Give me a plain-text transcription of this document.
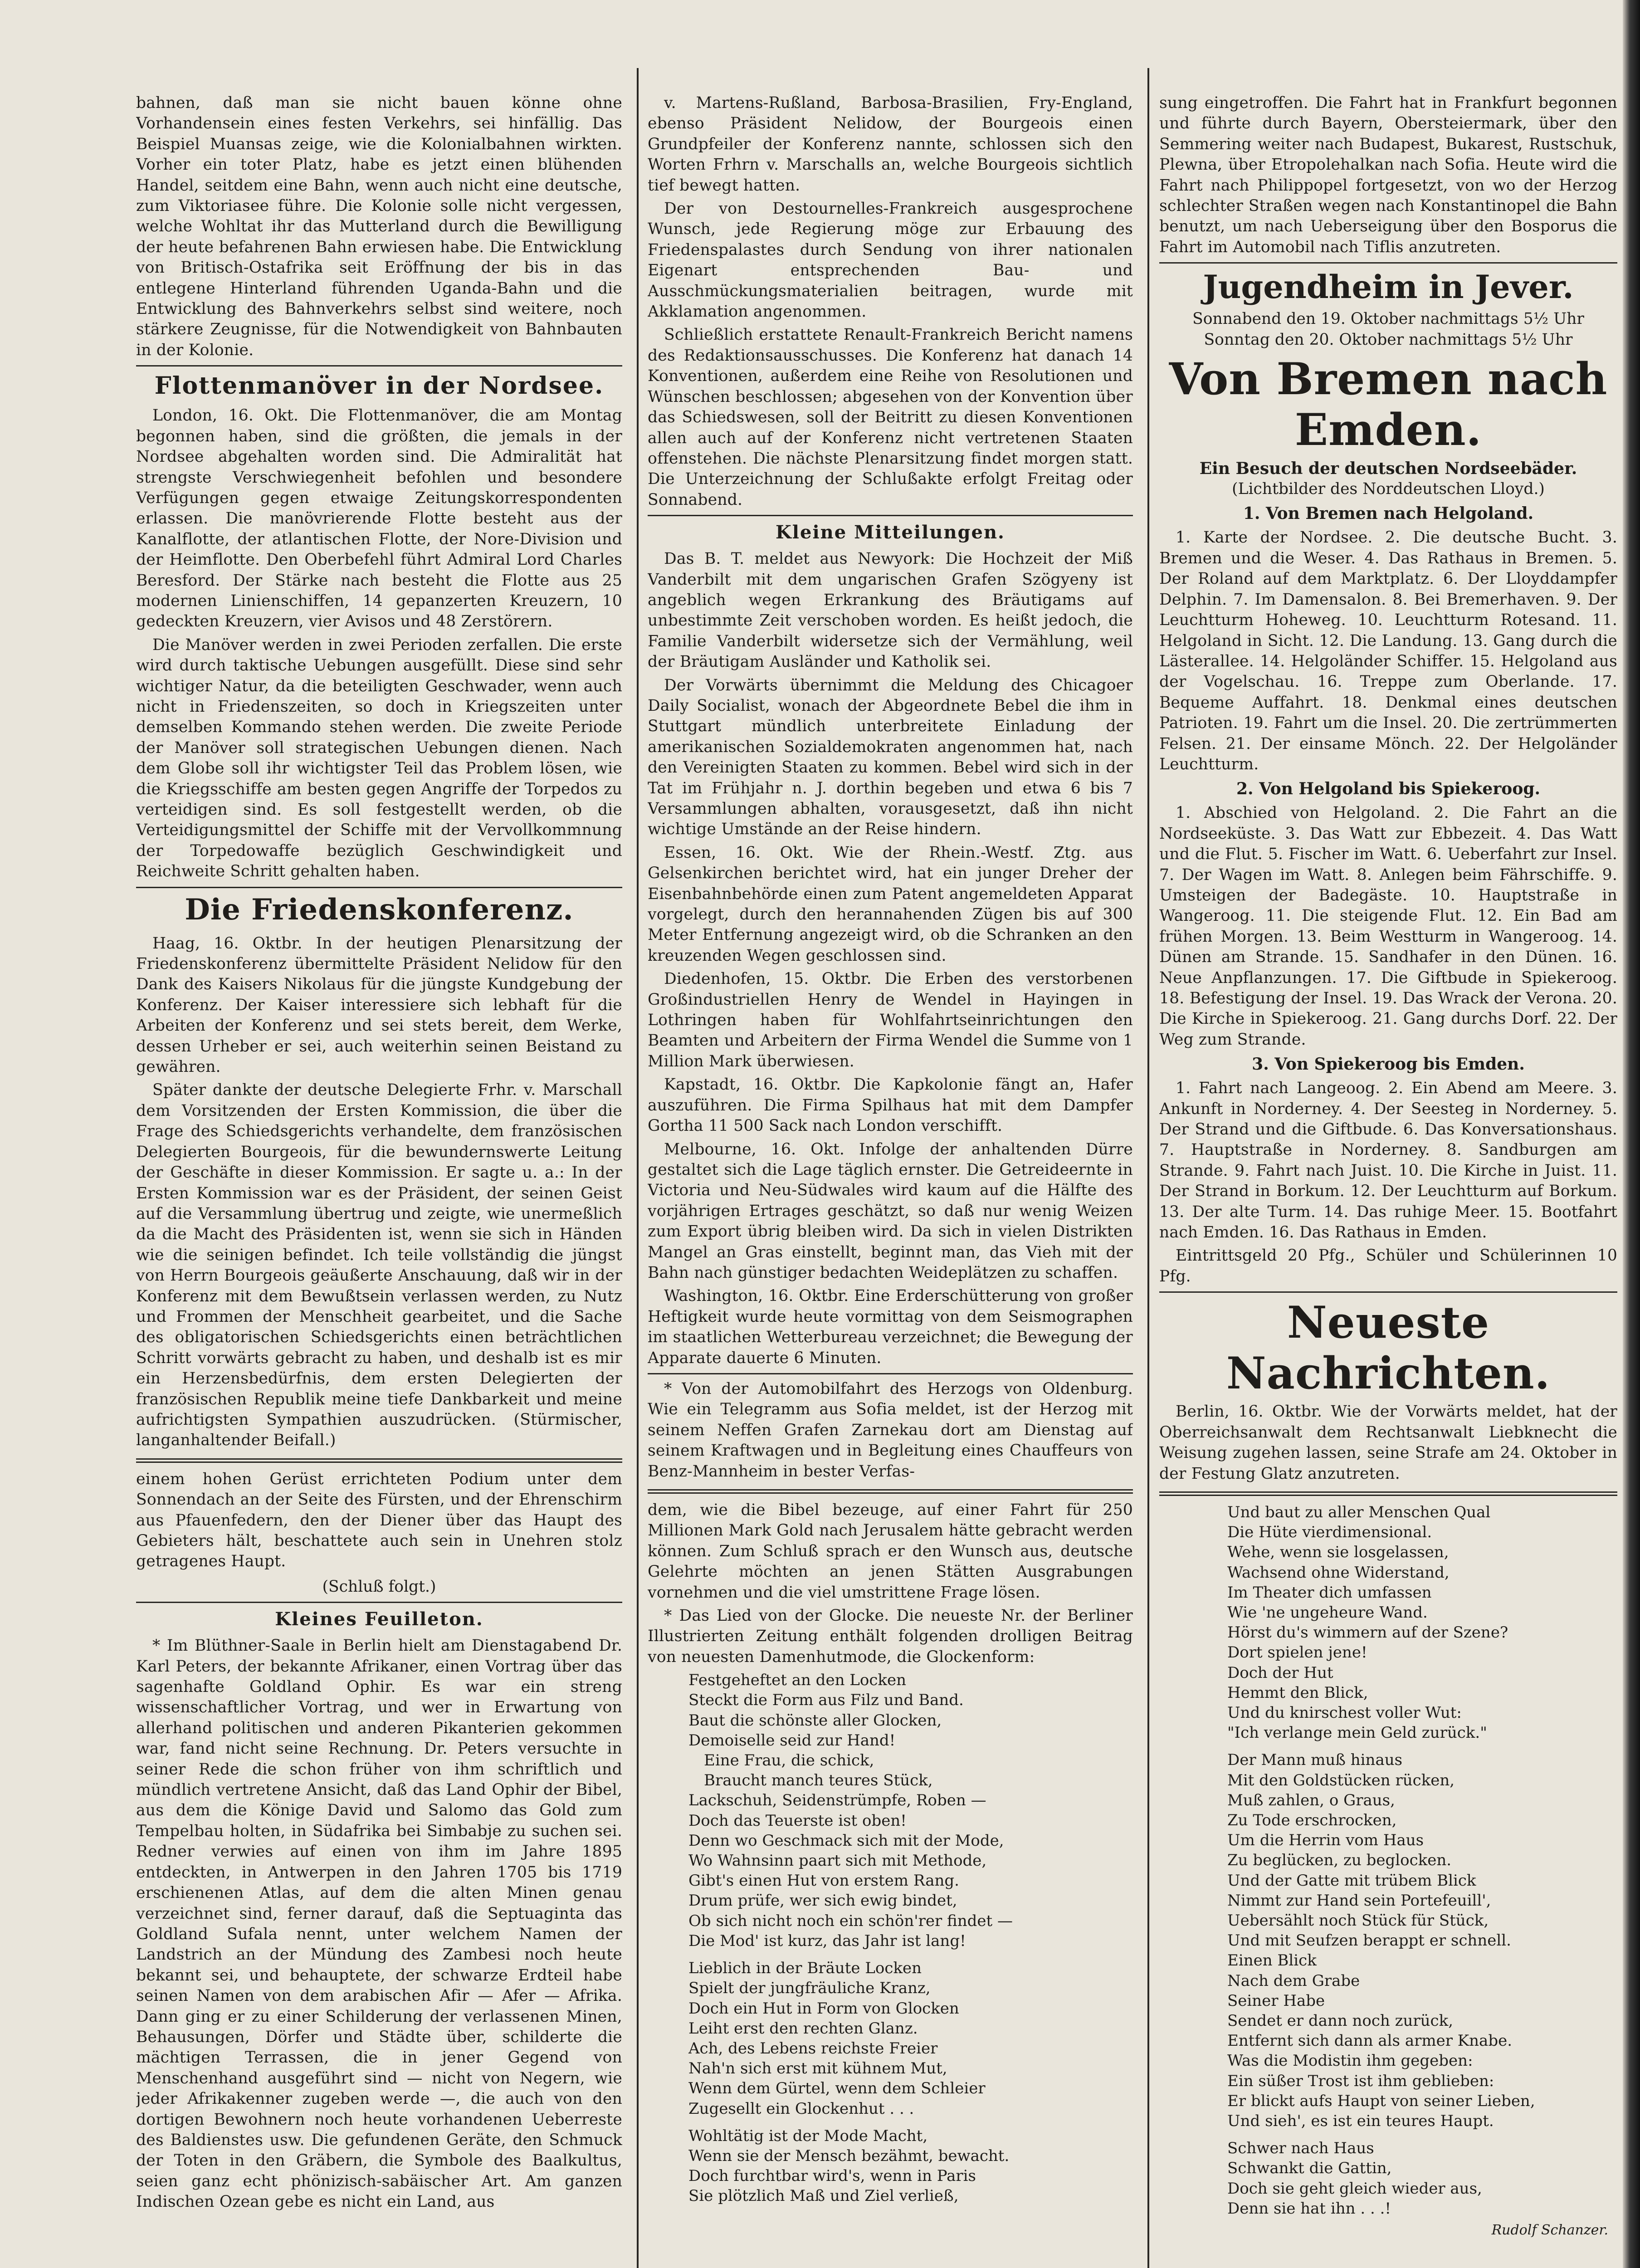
bahnen, daß man sie nicht bauen könne ohne Vorhandensein eines festen Verkehrs, sei hinfällig. Das Beispiel Muansas zeige, wie die Kolonialbahnen wirkten. Vorher ein toter Platz, habe es jetzt einen blühenden Handel, seitdem eine Bahn, wenn auch nicht eine deutsche, zum Viktoriasee führe. Die Kolonie solle nicht vergessen, welche Wohltat ihr das Mutterland durch die Bewilligung der heute befahrenen Bahn erwiesen habe. Die Entwicklung von Britisch-Ostafrika seit Eröffnung der bis in das entlegene Hinterland führenden Uganda-Bahn und die Entwicklung des Bahnverkehrs selbst sind weitere, noch stärkere Zeugnisse, für die Notwendigkeit von Bahnbauten in der Kolonie.

Flottenmanöver in der Nordsee.

London, 16. Okt. Die Flottenmanöver, die am Montag begonnen haben, sind die größten, die jemals in der Nordsee abgehalten worden sind. Die Admiralität hat strengste Verschwiegenheit befohlen und besondere Verfügungen gegen etwaige Zeitungskorrespondenten erlassen. Die manövrierende Flotte besteht aus der Kanalflotte, der atlantischen Flotte, der Nore-Division und der Heimflotte. Den Oberbefehl führt Admiral Lord Charles Beresford. Der Stärke nach besteht die Flotte aus 25 modernen Linienschiffen, 14 gepanzerten Kreuzern, 10 gedeckten Kreuzern, vier Avisos und 48 Zerstörern.

Die Manöver werden in zwei Perioden zerfallen. Die erste wird durch taktische Uebungen ausgefüllt. Diese sind sehr wichtiger Natur, da die beteiligten Geschwader, wenn auch nicht in Friedenszeiten, so doch in Kriegszeiten unter demselben Kommando stehen werden. Die zweite Periode der Manöver soll strategischen Uebungen dienen. Nach dem Globe soll ihr wichtigster Teil das Problem lösen, wie die Kriegsschiffe am besten gegen Angriffe der Torpedos zu verteidigen sind. Es soll festgestellt werden, ob die Verteidigungsmittel der Schiffe mit der Vervollkommnung der Torpedowaffe bezüglich Geschwindigkeit und Reichweite Schritt gehalten haben.

Die Friedenskonferenz.

Haag, 16. Oktbr. In der heutigen Plenarsitzung der Friedenskonferenz übermittelte Präsident Nelidow für den Dank des Kaisers Nikolaus für die jüngste Kundgebung der Konferenz. Der Kaiser interessiere sich lebhaft für die Arbeiten der Konferenz und sei stets bereit, dem Werke, dessen Urheber er sei, auch weiterhin seinen Beistand zu gewähren.

Später dankte der deutsche Delegierte Frhr. v. Marschall dem Vorsitzenden der Ersten Kommission, die über die Frage des Schiedsgerichts verhandelte, dem französischen Delegierten Bourgeois, für die bewundernswerte Leitung der Geschäfte in dieser Kommission. Er sagte u. a.: In der Ersten Kommission war es der Präsident, der seinen Geist auf die Versammlung übertrug und zeigte, wie unermeßlich da die Macht des Präsidenten ist, wenn sie sich in Händen wie die seinigen befindet. Ich teile vollständig die jüngst von Herrn Bourgeois geäußerte Anschauung, daß wir in der Konferenz mit dem Bewußtsein verlassen werden, zu Nutz und Frommen der Menschheit gearbeitet, und die Sache des obligatorischen Schiedsgerichts einen beträchtlichen Schritt vorwärts gebracht zu haben, und deshalb ist es mir ein Herzensbedürfnis, dem ersten Delegierten der französischen Republik meine tiefe Dankbarkeit und meine aufrichtigsten Sympathien auszudrücken. (Stürmischer, langanhaltender Beifall.)

einem hohen Gerüst errichteten Podium unter dem Sonnendach an der Seite des Fürsten, und der Ehrenschirm aus Pfauenfedern, den der Diener über das Haupt des Gebieters hält, beschattete auch sein in Unehren stolz getragenes Haupt.

(Schluß folgt.)
Kleines Feuilleton.

* Im Blüthner-Saale in Berlin hielt am Dienstagabend Dr. Karl Peters, der bekannte Afrikaner, einen Vortrag über das sagenhafte Goldland Ophir. Es war ein streng wissenschaftlicher Vortrag, und wer in Erwartung von allerhand politischen und anderen Pikanterien gekommen war, fand nicht seine Rechnung. Dr. Peters versuchte in seiner Rede die schon früher von ihm schriftlich und mündlich vertretene Ansicht, daß das Land Ophir der Bibel, aus dem die Könige David und Salomo das Gold zum Tempelbau holten, in Südafrika bei Simbabje zu suchen sei. Redner verwies auf einen von ihm im Jahre 1895 entdeckten, in Antwerpen in den Jahren 1705 bis 1719 erschienenen Atlas, auf dem die alten Minen genau verzeichnet sind, ferner darauf, daß die Septuaginta das Goldland Sufala nennt, unter welchem Namen der Landstrich an der Mündung des Zambesi noch heute bekannt sei, und behauptete, der schwarze Erdteil habe seinen Namen von dem arabischen Afir — Afer — Afrika. Dann ging er zu einer Schilderung der verlassenen Minen, Behausungen, Dörfer und Städte über, schilderte die mächtigen Terrassen, die in jener Gegend von Menschenhand ausgeführt sind — nicht von Negern, wie jeder Afrikakenner zugeben werde —, die auch von den dortigen Bewohnern noch heute vorhandenen Ueberreste des Baldienstes usw. Die gefundenen Geräte, den Schmuck der Toten in den Gräbern, die Symbole des Baalkultus, seien ganz echt phönizisch-sabäischer Art. Am ganzen Indischen Ozean gebe es nicht ein Land, aus

v. Martens-Rußland, Barbosa-Brasilien, Fry-England, ebenso Präsident Nelidow, der Bourgeois einen Grundpfeiler der Konferenz nannte, schlossen sich den Worten Frhrn v. Marschalls an, welche Bourgeois sichtlich tief bewegt hatten.

Der von Destournelles-Frankreich ausgesprochene Wunsch, jede Regierung möge zur Erbauung des Friedenspalastes durch Sendung von ihrer nationalen Eigenart entsprechenden Bau- und Ausschmückungsmaterialien beitragen, wurde mit Akklamation angenommen.

Schließlich erstattete Renault-Frankreich Bericht namens des Redaktionsausschusses. Die Konferenz hat danach 14 Konventionen, außerdem eine Reihe von Resolutionen und Wünschen beschlossen; abgesehen von der Konvention über das Schiedswesen, soll der Beitritt zu diesen Konventionen allen auch auf der Konferenz nicht vertretenen Staaten offenstehen. Die nächste Plenarsitzung findet morgen statt. Die Unterzeichnung der Schlußakte erfolgt Freitag oder Sonnabend.

Kleine Mitteilungen.

Das B. T. meldet aus Newyork: Die Hochzeit der Miß Vanderbilt mit dem ungarischen Grafen Szögyeny ist angeblich wegen Erkrankung des Bräutigams auf unbestimmte Zeit verschoben worden. Es heißt jedoch, die Familie Vanderbilt widersetze sich der Vermählung, weil der Bräutigam Ausländer und Katholik sei.

Der Vorwärts übernimmt die Meldung des Chicagoer Daily Socialist, wonach der Abgeordnete Bebel die ihm in Stuttgart mündlich unterbreitete Einladung der amerikanischen Sozialdemokraten angenommen hat, nach den Vereinigten Staaten zu kommen. Bebel wird sich in der Tat im Frühjahr n. J. dorthin begeben und etwa 6 bis 7 Versammlungen abhalten, vorausgesetzt, daß ihn nicht wichtige Umstände an der Reise hindern.

Essen, 16. Okt. Wie der Rhein.-Westf. Ztg. aus Gelsenkirchen berichtet wird, hat ein junger Dreher der Eisenbahnbehörde einen zum Patent angemeldeten Apparat vorgelegt, durch den herannahenden Zügen bis auf 300 Meter Entfernung angezeigt wird, ob die Schranken an den kreuzenden Wegen geschlossen sind.

Diedenhofen, 15. Oktbr. Die Erben des verstorbenen Großindustriellen Henry de Wendel in Hayingen in Lothringen haben für Wohlfahrtseinrichtungen den Beamten und Arbeitern der Firma Wendel die Summe von 1 Million Mark überwiesen.

Kapstadt, 16. Oktbr. Die Kapkolonie fängt an, Hafer auszuführen. Die Firma Spilhaus hat mit dem Dampfer Gortha 11 500 Sack nach London verschifft.

Melbourne, 16. Okt. Infolge der anhaltenden Dürre gestaltet sich die Lage täglich ernster. Die Getreideernte in Victoria und Neu-Südwales wird kaum auf die Hälfte des vorjährigen Ertrages geschätzt, so daß nur wenig Weizen zum Export übrig bleiben wird. Da sich in vielen Distrikten Mangel an Gras einstellt, beginnt man, das Vieh mit der Bahn nach günstiger bedachten Weideplätzen zu schaffen.

Washington, 16. Oktbr. Eine Erderschütterung von großer Heftigkeit wurde heute vormittag von dem Seismographen im staatlichen Wetterbureau verzeichnet; die Bewegung der Apparate dauerte 6 Minuten.

* Von der Automobilfahrt des Herzogs von Oldenburg. Wie ein Telegramm aus Sofia meldet, ist der Herzog mit seinem Neffen Grafen Zarnekau dort am Dienstag auf seinem Kraftwagen und in Begleitung eines Chauffeurs von Benz-Mannheim in bester Verfas-

dem, wie die Bibel bezeuge, auf einer Fahrt für 250 Millionen Mark Gold nach Jerusalem hätte gebracht werden können. Zum Schluß sprach er den Wunsch aus, deutsche Gelehrte möchten an jenen Stätten Ausgrabungen vornehmen und die viel umstrittene Frage lösen.

* Das Lied von der Glocke. Die neueste Nr. der Berliner Illustrierten Zeitung enthält folgenden drolligen Beitrag von neuesten Damenhutmode, die Glockenform:

Festgeheftet an den Locken
Steckt die Form aus Filz und Band.
Baut die schönste aller Glocken,
Demoiselle seid zur Hand!
Eine Frau, die schick,
Braucht manch teures Stück,
Lackschuh, Seidenstrümpfe, Roben —
Doch das Teuerste ist oben!
Denn wo Geschmack sich mit der Mode,
Wo Wahnsinn paart sich mit Methode,
Gibt's einen Hut von erstem Rang.
Drum prüfe, wer sich ewig bindet,
Ob sich nicht noch ein schön'rer findet —
Die Mod' ist kurz, das Jahr ist lang!

Lieblich in der Bräute Locken
Spielt der jungfräuliche Kranz,
Doch ein Hut in Form von Glocken
Leiht erst den rechten Glanz.
Ach, des Lebens reichste Freier
Nah'n sich erst mit kühnem Mut,
Wenn dem Gürtel, wenn dem Schleier
Zugesellt ein Glockenhut . . .

Wohltätig ist der Mode Macht,
Wenn sie der Mensch bezähmt, bewacht.
Doch furchtbar wird's, wenn in Paris
Sie plötzlich Maß und Ziel verließ,

sung eingetroffen. Die Fahrt hat in Frankfurt begonnen und führte durch Bayern, Obersteiermark, über den Semmering weiter nach Budapest, Bukarest, Rustschuk, Plewna, über Etropolehalkan nach Sofia. Heute wird die Fahrt nach Philippopel fortgesetzt, von wo der Herzog schlechter Straßen wegen nach Konstantinopel die Bahn benutzt, um nach Ueberseigung über den Bosporus die Fahrt im Automobil nach Tiflis anzutreten.

Jugendheim in Jever.
Sonnabend den 19. Oktober nachmittags 5½ Uhr
Sonntag den 20. Oktober nachmittags 5½ Uhr
Von Bremen nach Emden.
Ein Besuch der deutschen Nordseebäder.
(Lichtbilder des Norddeutschen Lloyd.)
1. Von Bremen nach Helgoland.

1. Karte der Nordsee. 2. Die deutsche Bucht. 3. Bremen und die Weser. 4. Das Rathaus in Bremen. 5. Der Roland auf dem Marktplatz. 6. Der Lloyddampfer Delphin. 7. Im Damensalon. 8. Bei Bremerhaven. 9. Der Leuchtturm Hoheweg. 10. Leuchtturm Rotesand. 11. Helgoland in Sicht. 12. Die Landung. 13. Gang durch die Lästerallee. 14. Helgoländer Schiffer. 15. Helgoland aus der Vogelschau. 16. Treppe zum Oberlande. 17. Bequeme Auffahrt. 18. Denkmal eines deutschen Patrioten. 19. Fahrt um die Insel. 20. Die zertrümmerten Felsen. 21. Der einsame Mönch. 22. Der Helgoländer Leuchtturm.

2. Von Helgoland bis Spiekeroog.

1. Abschied von Helgoland. 2. Die Fahrt an die Nordseeküste. 3. Das Watt zur Ebbezeit. 4. Das Watt und die Flut. 5. Fischer im Watt. 6. Ueberfahrt zur Insel. 7. Der Wagen im Watt. 8. Anlegen beim Fährschiffe. 9. Umsteigen der Badegäste. 10. Hauptstraße in Wangeroog. 11. Die steigende Flut. 12. Ein Bad am frühen Morgen. 13. Beim Westturm in Wangeroog. 14. Dünen am Strande. 15. Sandhafer in den Dünen. 16. Neue Anpflanzungen. 17. Die Giftbude in Spiekeroog. 18. Befestigung der Insel. 19. Das Wrack der Verona. 20. Die Kirche in Spiekeroog. 21. Gang durchs Dorf. 22. Der Weg zum Strande.

3. Von Spiekeroog bis Emden.

1. Fahrt nach Langeoog. 2. Ein Abend am Meere. 3. Ankunft in Norderney. 4. Der Seesteg in Norderney. 5. Der Strand und die Giftbude. 6. Das Konversationshaus. 7. Hauptstraße in Norderney. 8. Sandburgen am Strande. 9. Fahrt nach Juist. 10. Die Kirche in Juist. 11. Der Strand in Borkum. 12. Der Leuchtturm auf Borkum. 13. Der alte Turm. 14. Das ruhige Meer. 15. Bootfahrt nach Emden. 16. Das Rathaus in Emden.

Eintrittsgeld 20 Pfg., Schüler und Schülerinnen 10 Pfg.

Neueste Nachrichten.

Berlin, 16. Oktbr. Wie der Vorwärts meldet, hat der Oberreichsanwalt dem Rechtsanwalt Liebknecht die Weisung zugehen lassen, seine Strafe am 24. Oktober in der Festung Glatz anzutreten.

Und baut zu aller Menschen Qual
Die Hüte vierdimensional.
Wehe, wenn sie losgelassen,
Wachsend ohne Widerstand,
Im Theater dich umfassen
Wie 'ne ungeheure Wand.
Hörst du's wimmern auf der Szene?
Dort spielen jene!
Doch der Hut
Hemmt den Blick,
Und du knirschest voller Wut:
"Ich verlange mein Geld zurück."

Der Mann muß hinaus
Mit den Goldstücken rücken,
Muß zahlen, o Graus,
Zu Tode erschrocken,
Um die Herrin vom Haus
Zu beglücken, zu beglocken.
Und der Gatte mit trübem Blick
Nimmt zur Hand sein Portefeuill',
Uebersählt noch Stück für Stück,
Und mit Seufzen berappt er schnell.
Einen Blick
Nach dem Grabe
Seiner Habe
Sendet er dann noch zurück,
Entfernt sich dann als armer Knabe.
Was die Modistin ihm gegeben:
Ein süßer Trost ist ihm geblieben:
Er blickt aufs Haupt von seiner Lieben,
Und sieh', es ist ein teures Haupt.

Schwer nach Haus
Schwankt die Gattin,
Doch sie geht gleich wieder aus,
Denn sie hat ihn . . .!
Rudolf Schanzer.
